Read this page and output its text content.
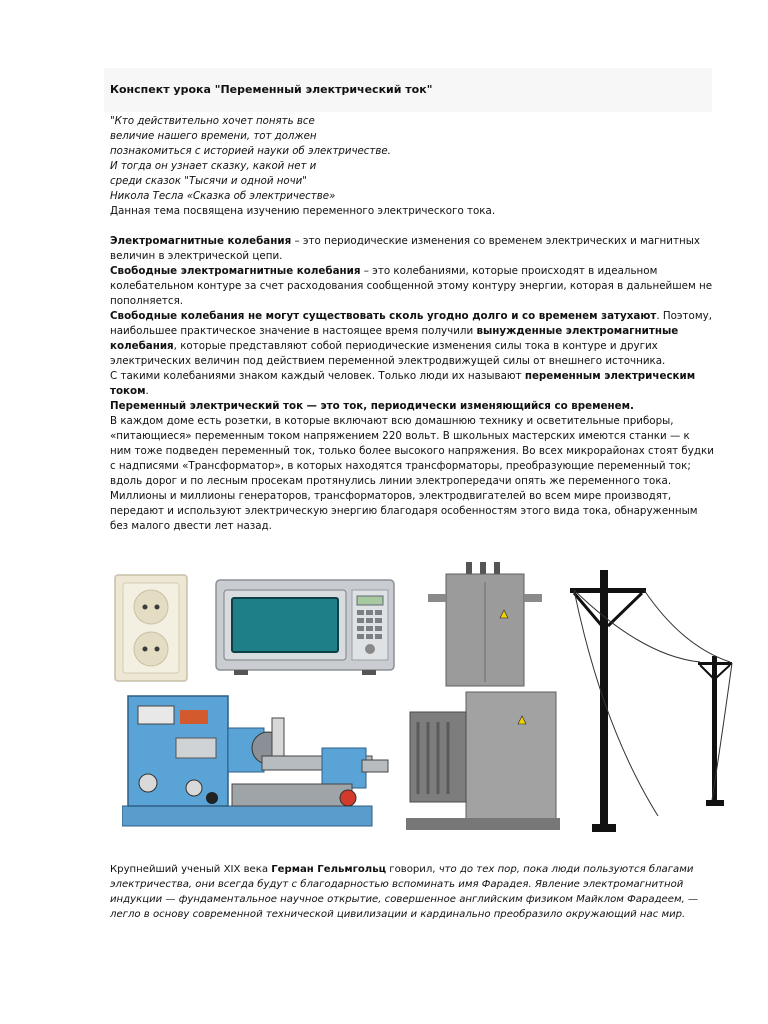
Конспект урока "Переменный электрический ток"
"Кто действительно хочет понять все
величие нашего времени, тот должен
познакомиться с историей науки об электричестве.
И тогда он узнает сказку, какой нет и
среди сказок "Тысячи и одной ночи"
Никола Тесла «Сказка об электричестве»

Данная тема посвящена изучению переменного электрического тока.

Электромагнитные колебания – это периодические изменения со временем электрических и магнитных величин в электрической цепи.

Свободные электромагнитные колебания – это колебаниями, которые происходят в идеальном колебательном контуре за счет расходования сообщенной этому контуру энергии, которая в дальнейшем не пополняется.

Свободные колебания не могут существовать сколь угодно долго и со временем затухают. Поэтому, наибольшее практическое значение в настоящее время получили вынужденные электромагнитные колебания, которые представляют собой периодические изменения силы тока в контуре и других электрических величин под действием переменной электродвижущей силы от внешнего источника.

С такими колебаниями знаком каждый человек. Только люди их называют переменным электрическим током.

Переменный электрический ток — это ток, периодически изменяющийся со временем.

В каждом доме есть розетки, в которые включают всю домашнюю технику и осветительные приборы, «питающиеся» переменным током напряжением 220 вольт. В школьных мастерских имеются станки — к ним тоже подведен переменный ток, только более высокого напряжения. Во всех микрорайонах стоят будки с надписями «Трансформатор», в которых находятся трансформаторы, преобразующие переменный ток; вдоль дорог и по лесным просекам протянулись линии электропередачи опять же переменного тока. Миллионы и миллионы генераторов, трансформаторов, электродвигателей во всем мире производят, передают и используют электрическую энергию благодаря особенностям этого вида тока, обнаруженным без малого двести лет назад.

Крупнейший ученый XIX века Герман Гельмгольц говорил, что до тех пор, пока люди пользуются благами электричества, они всегда будут с благодарностью вспоминать имя Фарадея. Явление электромагнитной индукции — фундаментальное научное открытие, совершенное английским физиком Майклом Фарадеем, — легло в основу современной технической цивилизации и кардинально преобразило окружающий нас мир.
